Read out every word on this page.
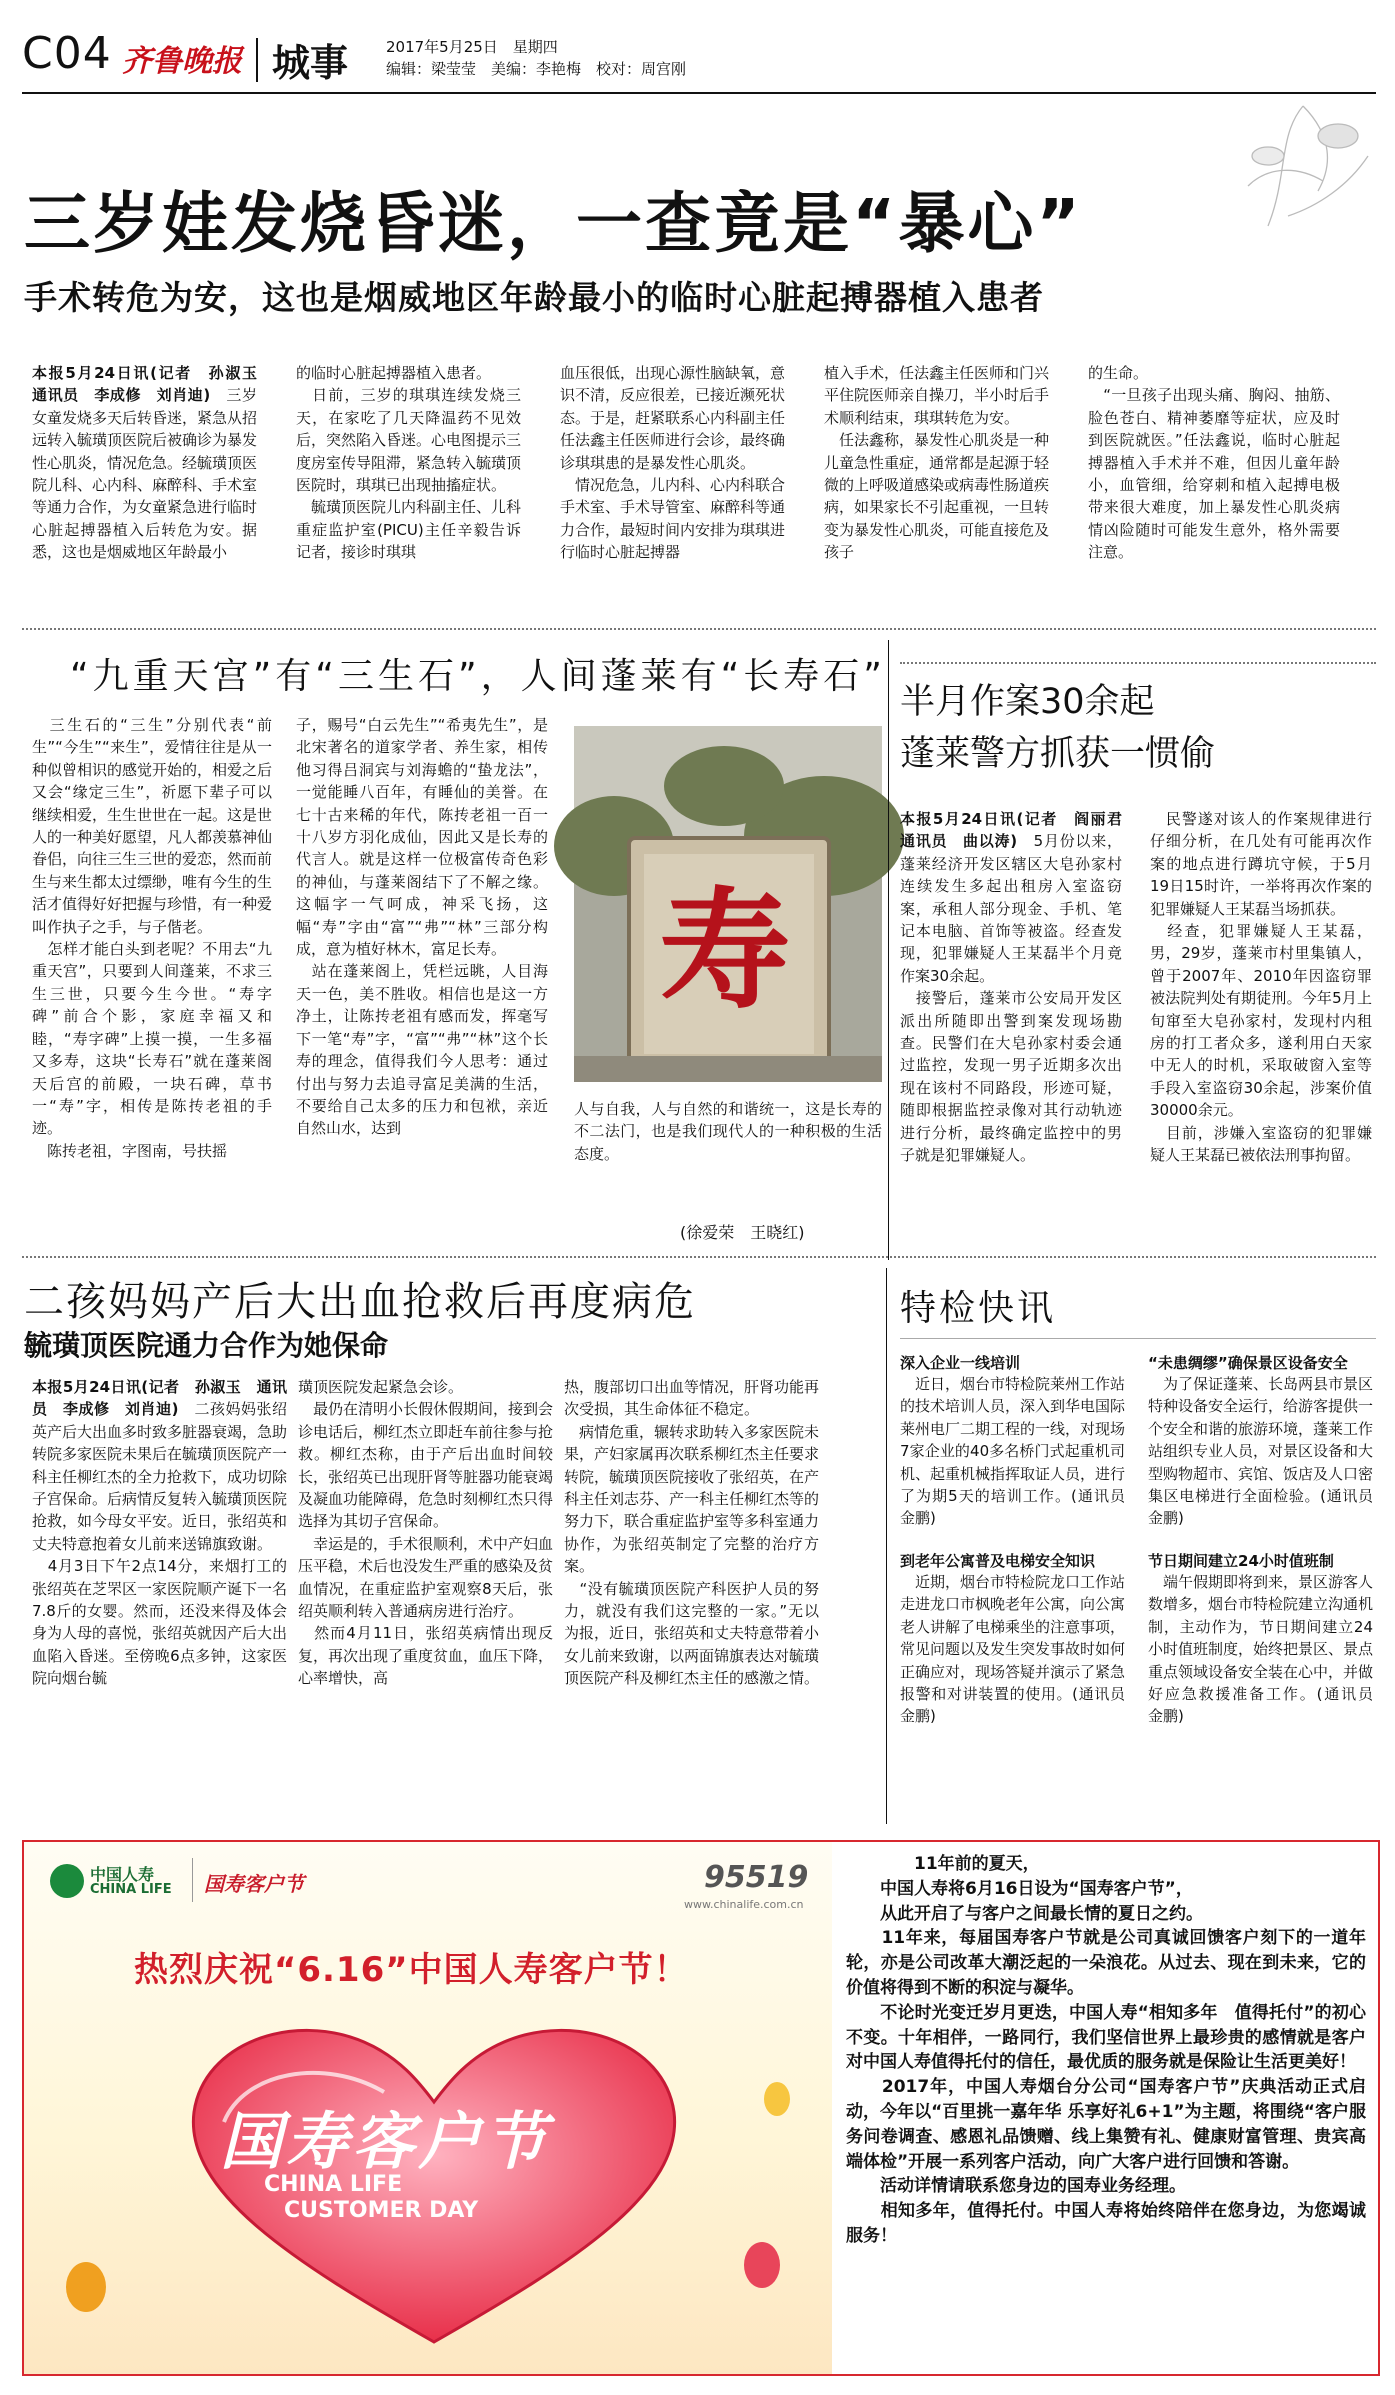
C04 齐鲁晚报 城事	2017年5月25日　星期四
编辑：梁莹莹　美编：李艳梅　校对：周宫刚
三岁娃发烧昏迷，一查竟是“暴心”
手术转危为安，这也是烟威地区年龄最小的临时心脏起搏器植入患者
本报5月24日讯(记者　孙淑玉　通讯员　李成修　刘肖迪)　三岁女童发烧多天后转昏迷，紧急从招远转入毓璜顶医院后被确诊为暴发性心肌炎，情况危急。经毓璜顶医院儿科、心内科、麻醉科、手术室等通力合作，为女童紧急进行临时心脏起搏器植入后转危为安。据悉，这也是烟威地区年龄最小
的临时心脏起搏器植入患者。
　日前，三岁的琪琪连续发烧三天，在家吃了几天降温药不见效后，突然陷入昏迷。心电图提示三度房室传导阻滞，紧急转入毓璜顶医院时，琪琪已出现抽搐症状。
　毓璜顶医院儿内科副主任、儿科重症监护室(PICU)主任辛毅告诉记者，接诊时琪琪
血压很低，出现心源性脑缺氧，意识不清，反应很差，已接近濒死状态。于是，赶紧联系心内科副主任任法鑫主任医师进行会诊，最终确诊琪琪患的是暴发性心肌炎。
　情况危急，儿内科、心内科联合手术室、手术导管室、麻醉科等通力合作，最短时间内安排为琪琪进行临时心脏起搏器
植入手术，任法鑫主任医师和门兴平住院医师亲自操刀，半小时后手术顺利结束，琪琪转危为安。
　任法鑫称，暴发性心肌炎是一种儿童急性重症，通常都是起源于轻微的上呼吸道感染或病毒性肠道疾病，如果家长不引起重视，一旦转变为暴发性心肌炎，可能直接危及孩子
的生命。
　“一旦孩子出现头痛、胸闷、抽筋、脸色苍白、精神萎靡等症状，应及时到医院就医。”任法鑫说，临时心脏起搏器植入手术并不难，但因儿童年龄小，血管细，给穿刺和植入起搏电极带来很大难度，加上暴发性心肌炎病情凶险随时可能发生意外，格外需要注意。
“九重天宫”有“三生石”，人间蓬莱有“长寿石”
　三生石的“三生”分别代表“前生”“今生”“来生”，爱情往往是从一种似曾相识的感觉开始的，相爱之后又会“缘定三生”，祈愿下辈子可以继续相爱，生生世世在一起。这是世人的一种美好愿望，凡人都羡慕神仙眷侣，向往三生三世的爱恋，然而前生与来生都太过缥缈，唯有今生的生活才值得好好把握与珍惜，有一种爱叫作执子之手，与子偕老。
　怎样才能白头到老呢？不用去“九重天宫”，只要到人间蓬莱，不求三生三世，只要今生今世。“寿字碑”前合个影，家庭幸福又和睦，“寿字碑”上摸一摸，一生多福又多寿，这块“长寿石”就在蓬莱阁天后宫的前殿，一块石碑，草书一“寿”字，相传是陈抟老祖的手迹。
　陈抟老祖，字图南，号扶摇
子，赐号“白云先生”“希夷先生”，是北宋著名的道家学者、养生家，相传他习得吕洞宾与刘海蟾的“蛰龙法”，一觉能睡八百年，有睡仙的美誉。在七十古来稀的年代，陈抟老祖一百一十八岁方羽化成仙，因此又是长寿的代言人。就是这样一位极富传奇色彩的神仙，与蓬莱阁结下了不解之缘。这幅字一气呵成，神采飞扬，这幅“寿”字由“富”“弗”“林”三部分构成，意为植好林木，富足长寿。
　站在蓬莱阁上，凭栏远眺，人目海天一色，美不胜收。相信也是这一方净土，让陈抟老祖有感而发，挥毫写下一笔“寿”字，“富”“弗”“林”这个长寿的理念，值得我们今人思考：通过付出与努力去追寻富足美满的生活，不要给自己太多的压力和包袱，亲近自然山水，达到
寿
人与自我，人与自然的和谐统一，这是长寿的不二法门，也是我们现代人的一种积极的生活态度。
(徐爱荣　王晓红)
半月作案30余起
蓬莱警方抓获一惯偷
本报5月24日讯(记者　阎丽君　通讯员　曲以涛)　5月份以来，蓬莱经济开发区辖区大皂孙家村连续发生多起出租房入室盗窃案，承租人部分现金、手机、笔记本电脑、首饰等被盗。经查发现，犯罪嫌疑人王某磊半个月竟作案30余起。
　接警后，蓬莱市公安局开发区派出所随即出警到案发现场勘查。民警们在大皂孙家村委会通过监控，发现一男子近期多次出现在该村不同路段，形迹可疑，随即根据监控录像对其行动轨迹进行分析，最终确定监控中的男子就是犯罪嫌疑人。
　民警遂对该人的作案规律进行仔细分析，在几处有可能再次作案的地点进行蹲坑守候，于5月19日15时许，一举将再次作案的犯罪嫌疑人王某磊当场抓获。
　经查，犯罪嫌疑人王某磊，男，29岁，蓬莱市村里集镇人，曾于2007年、2010年因盗窃罪被法院判处有期徒刑。今年5月上旬窜至大皂孙家村，发现村内租房的打工者众多，遂利用白天家中无人的时机，采取破窗入室等手段入室盗窃30余起，涉案价值30000余元。
　目前，涉嫌入室盗窃的犯罪嫌疑人王某磊已被依法刑事拘留。
二孩妈妈产后大出血抢救后再度病危
毓璜顶医院通力合作为她保命
本报5月24日讯(记者　孙淑玉　通讯员　李成修　刘肖迪)　二孩妈妈张绍英产后大出血多时致多脏器衰竭，急助转院多家医院未果后在毓璜顶医院产一科主任柳红杰的全力抢救下，成功切除子宫保命。后病情反复转入毓璜顶医院抢救，如今母女平安。近日，张绍英和丈夫特意抱着女儿前来送锦旗致谢。
　4月3日下午2点14分，来烟打工的张绍英在芝罘区一家医院顺产诞下一名7.8斤的女婴。然而，还没来得及体会身为人母的喜悦，张绍英就因产后大出血陷入昏迷。至傍晚6点多钟，这家医院向烟台毓
璜顶医院发起紧急会诊。
　最仍在清明小长假休假期间，接到会诊电话后，柳红杰立即赶车前往参与抢救。柳红杰称，由于产后出血时间较长，张绍英已出现肝肾等脏器功能衰竭及凝血功能障碍，危急时刻柳红杰只得选择为其切子宫保命。
　幸运是的，手术很顺利，术中产妇血压平稳，术后也没发生严重的感染及贫血情况，在重症监护室观察8天后，张绍英顺利转入普通病房进行治疗。
　然而4月11日，张绍英病情出现反复，再次出现了重度贫血，血压下降，心率增快，高
热，腹部切口出血等情况，肝肾功能再次受损，其生命体征不稳定。
　病情危重，辗转求助转入多家医院未果，产妇家属再次联系柳红杰主任要求转院，毓璜顶医院接收了张绍英，在产科主任刘志芬、产一科主任柳红杰等的努力下，联合重症监护室等多科室通力协作，为张绍英制定了完整的治疗方案。
　“没有毓璜顶医院产科医护人员的努力，就没有我们这完整的一家。”无以为报，近日，张绍英和丈夫特意带着小女儿前来致谢，以两面锦旗表达对毓璜顶医院产科及柳红杰主任的感激之情。
特检快讯
深入企业一线培训
　近日，烟台市特检院莱州工作站的技术培训人员，深入到华电国际莱州电厂二期工程的一线，对现场7家企业的40多名桥门式起重机司机、起重机械指挥取证人员，进行了为期5天的培训工作。(通讯员　金鹏)
到老年公寓普及电梯安全知识
　近期，烟台市特检院龙口工作站走进龙口市枫晚老年公寓，向公寓老人讲解了电梯乘坐的注意事项，常见问题以及发生突发事故时如何正确应对，现场答疑并演示了紧急报警和对讲装置的使用。(通讯员　金鹏)
“未患绸缪”确保景区设备安全
　为了保证蓬莱、长岛两县市景区特种设备安全运行，给游客提供一个安全和谐的旅游环境，蓬莱工作站组织专业人员，对景区设备和大型购物超市、宾馆、饭店及人口密集区电梯进行全面检验。(通讯员　金鹏)
节日期间建立24小时值班制
　端午假期即将到来，景区游客人数增多，烟台市特检院建立沟通机制，主动作为，节日期间建立24小时值班制度，始终把景区、景点重点领域设备安全装在心中，并做好应急救援准备工作。(通讯员　金鹏)
中国人寿
CHINA LIFE 国寿客户节	95519
www.chinalife.com.cn
热烈庆祝“6.16”中国人寿客户节！
国寿客户节
CHINA LIFE
CUSTOMER DAY
　　　　11年前的夏天，
　　中国人寿将6月16日设为“国寿客户节”，
　　从此开启了与客户之间最长情的夏日之约。
　　11年来，每届国寿客户节就是公司真诚回馈客户刻下的一道年轮，亦是公司改革大潮泛起的一朵浪花。从过去、现在到未来，它的价值将得到不断的积淀与凝华。
　　不论时光变迁岁月更迭，中国人寿“相知多年　值得托付”的初心不变。十年相伴，一路同行，我们坚信世界上最珍贵的感情就是客户对中国人寿值得托付的信任，最优质的服务就是保险让生活更美好！
　　2017年，中国人寿烟台分公司“国寿客户节”庆典活动正式启动，今年以“百里挑一嘉年华 乐享好礼6+1”为主题，将围绕“客户服务问卷调查、感恩礼品馈赠、线上集赞有礼、健康财富管理、贵宾高端体检”开展一系列客户活动，向广大客户进行回馈和答谢。
　　活动详情请联系您身边的国寿业务经理。
　　相知多年，值得托付。中国人寿将始终陪伴在您身边，为您竭诚服务！
